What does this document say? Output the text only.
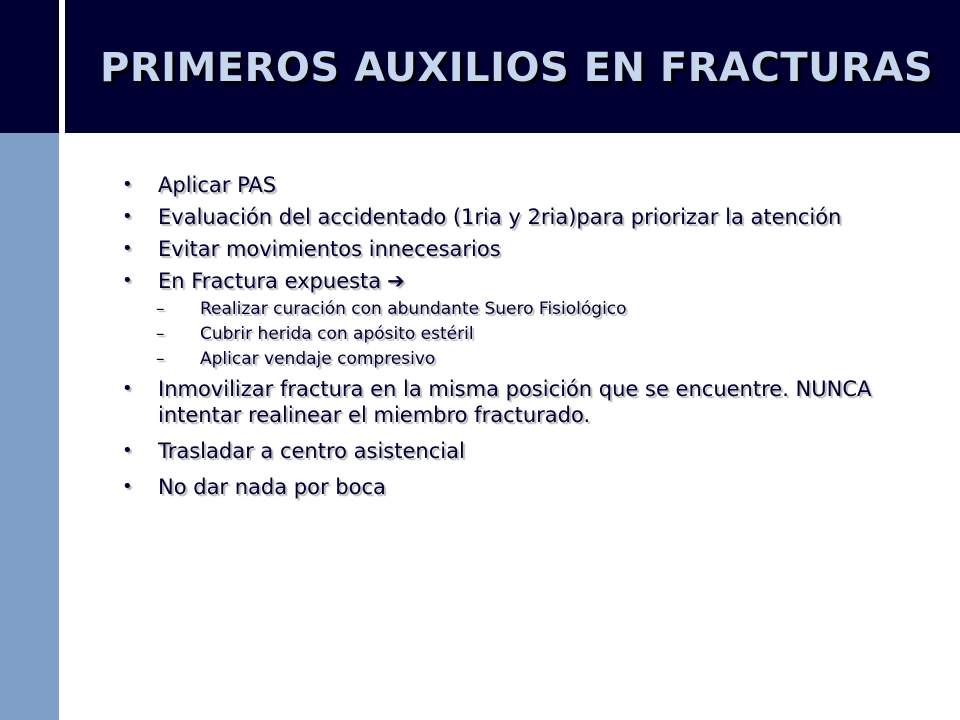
PRIMEROS AUXILIOS EN FRACTURAS
• Aplicar PAS
• Evaluación del accidentado (1ria y 2ria)para priorizar la atención
• Evitar movimientos innecesarios
• En Fractura expuesta ➔
– Realizar curación con abundante Suero Fisiológico
– Cubrir herida con apósito estéril
– Aplicar vendaje compresivo
• Inmovilizar fractura en la misma posición que se encuentre. NUNCA intentar realinear el miembro fracturado.
• Trasladar a centro asistencial
• No dar nada por boca
